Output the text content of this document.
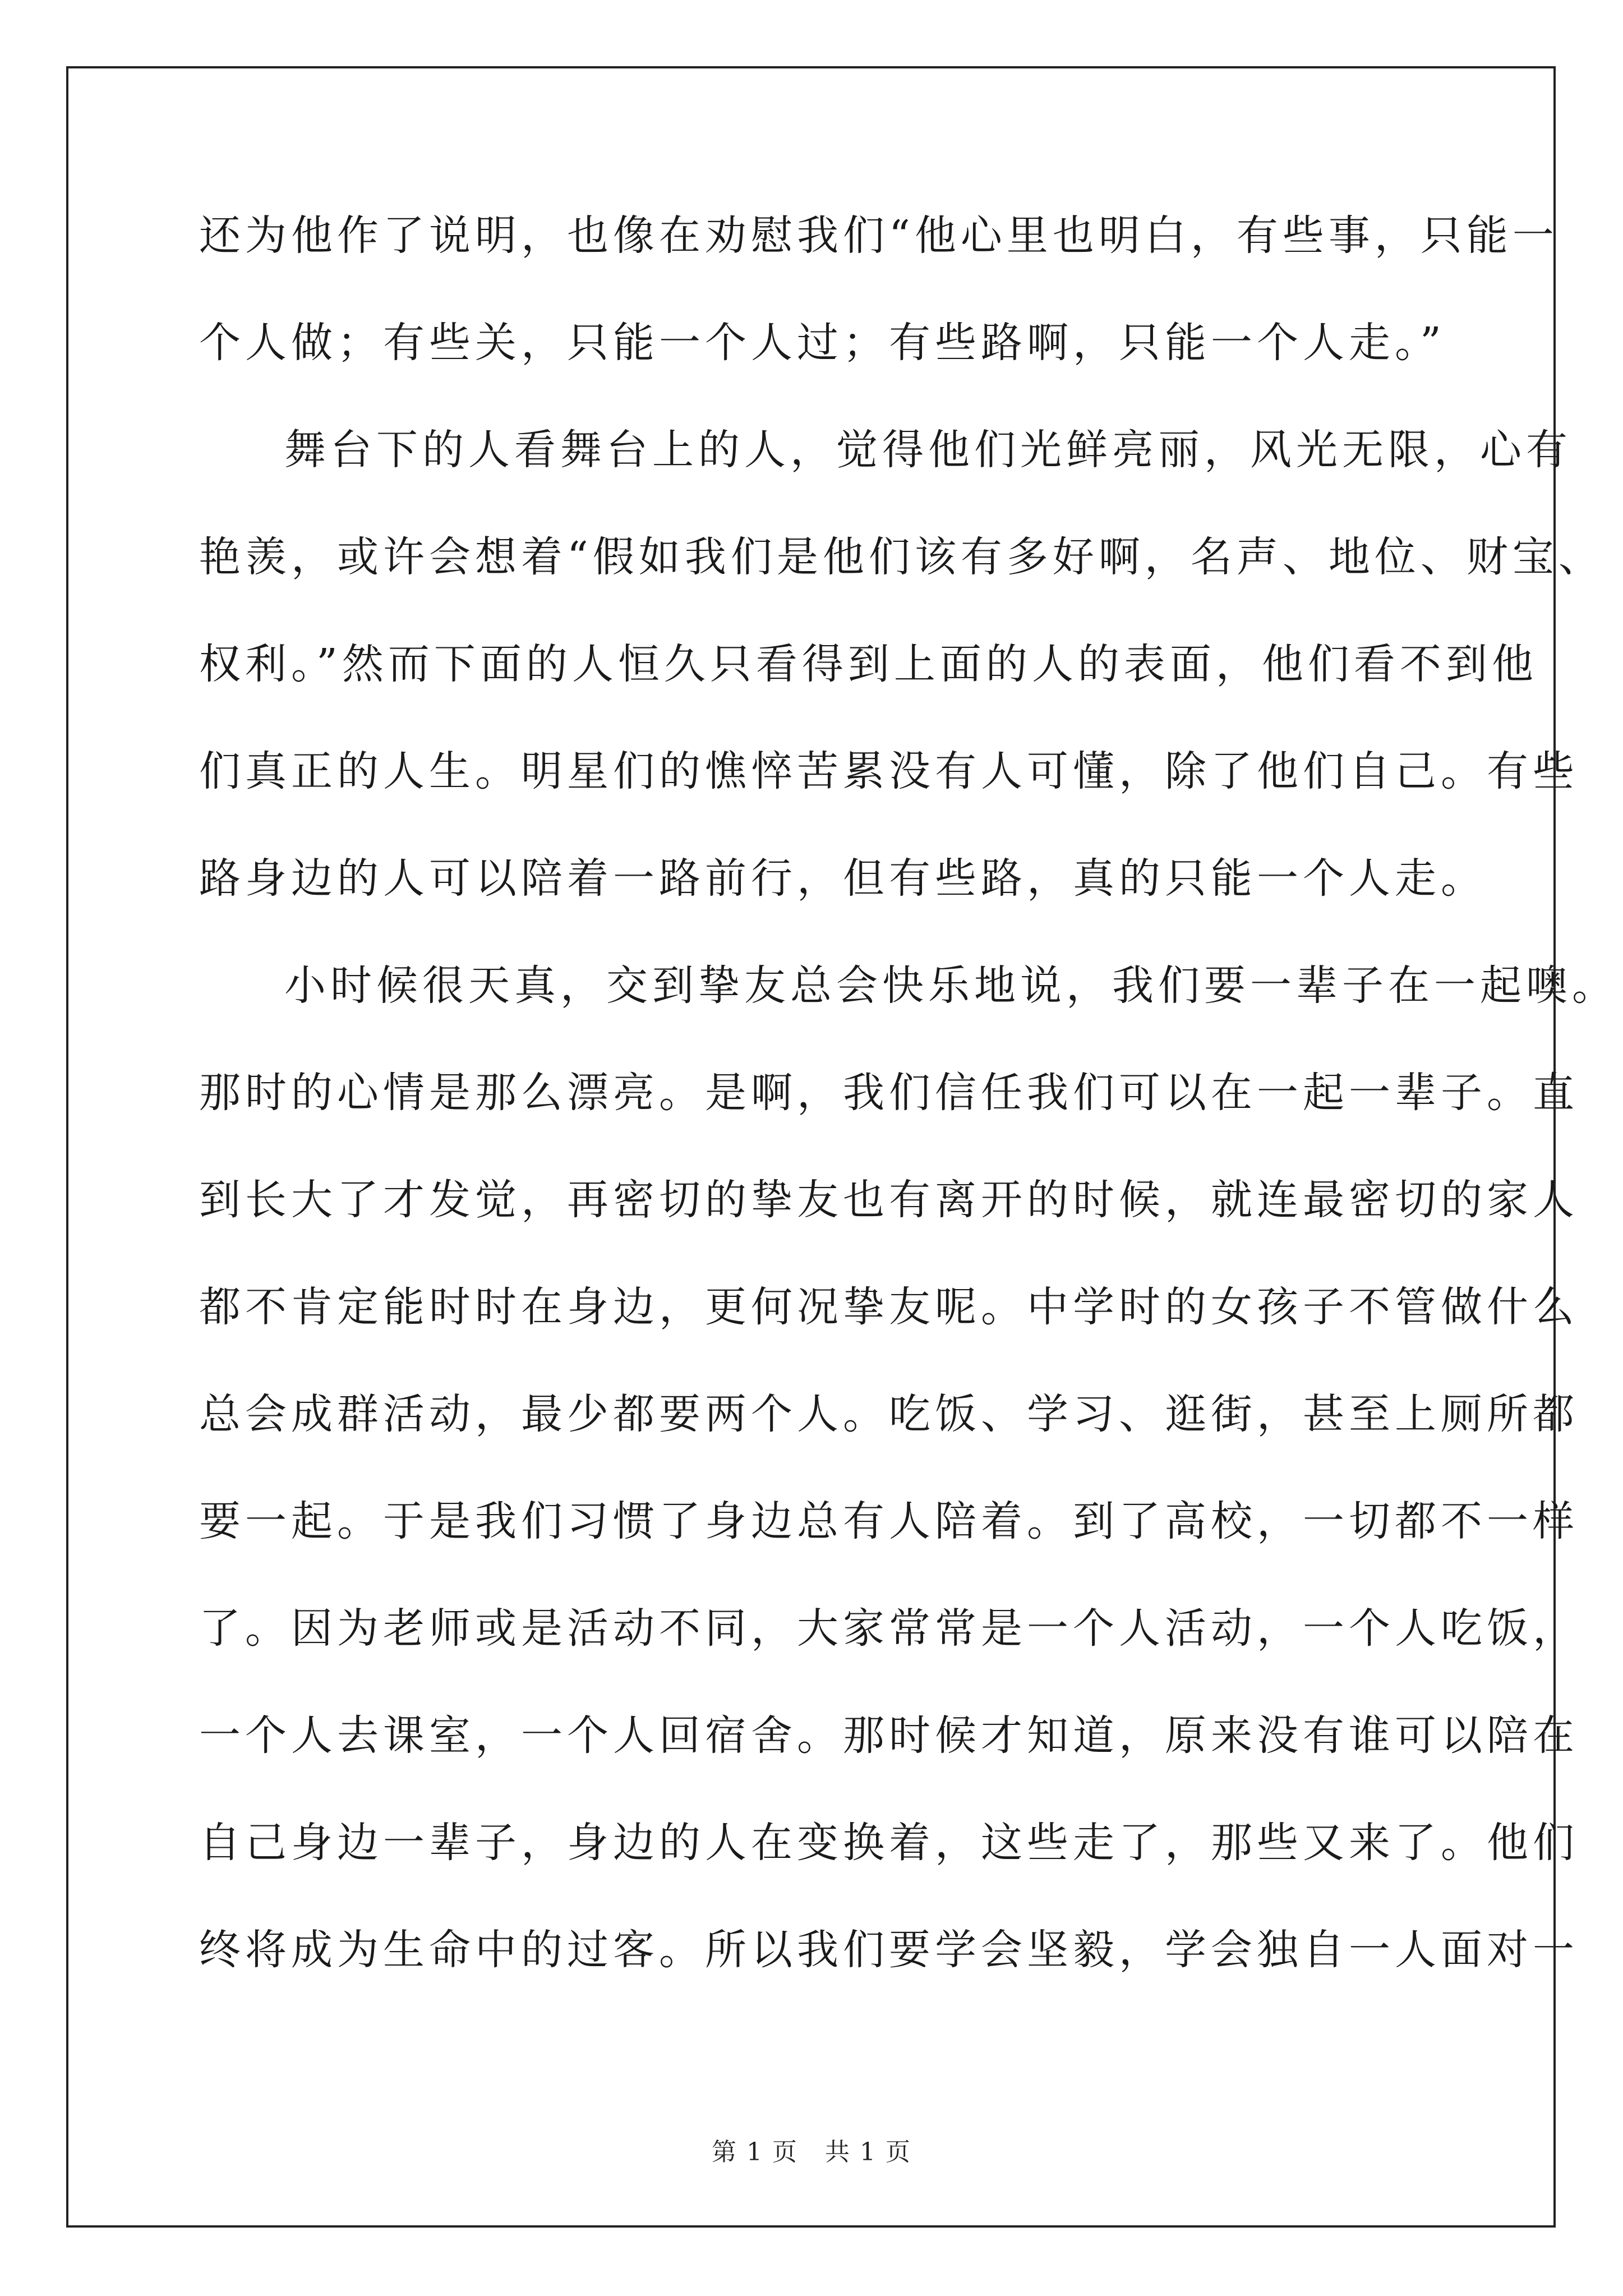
还为他作了说明，也像在劝慰我们“他心里也明白，有些事，只能一
个人做；有些关，只能一个人过；有些路啊，只能一个人走。”
舞台下的人看舞台上的人，觉得他们光鲜亮丽，风光无限，心有
艳羡，或许会想着“假如我们是他们该有多好啊，名声、地位、财宝、
权利。”然而下面的人恒久只看得到上面的人的表面，他们看不到他
们真正的人生。明星们的憔悴苦累没有人可懂，除了他们自己。有些
路身边的人可以陪着一路前行，但有些路，真的只能一个人走。
小时候很天真，交到挚友总会快乐地说，我们要一辈子在一起噢。
那时的心情是那么漂亮。是啊，我们信任我们可以在一起一辈子。直
到长大了才发觉，再密切的挚友也有离开的时候，就连最密切的家人
都不肯定能时时在身边，更何况挚友呢。中学时的女孩子不管做什么
总会成群活动，最少都要两个人。吃饭、学习、逛街，甚至上厕所都
要一起。于是我们习惯了身边总有人陪着。到了高校，一切都不一样
了。因为老师或是活动不同，大家常常是一个人活动，一个人吃饭，
一个人去课室，一个人回宿舍。那时候才知道，原来没有谁可以陪在
自己身边一辈子，身边的人在变换着，这些走了，那些又来了。他们
终将成为生命中的过客。所以我们要学会坚毅，学会独自一人面对一
第 1 页   共 1 页
